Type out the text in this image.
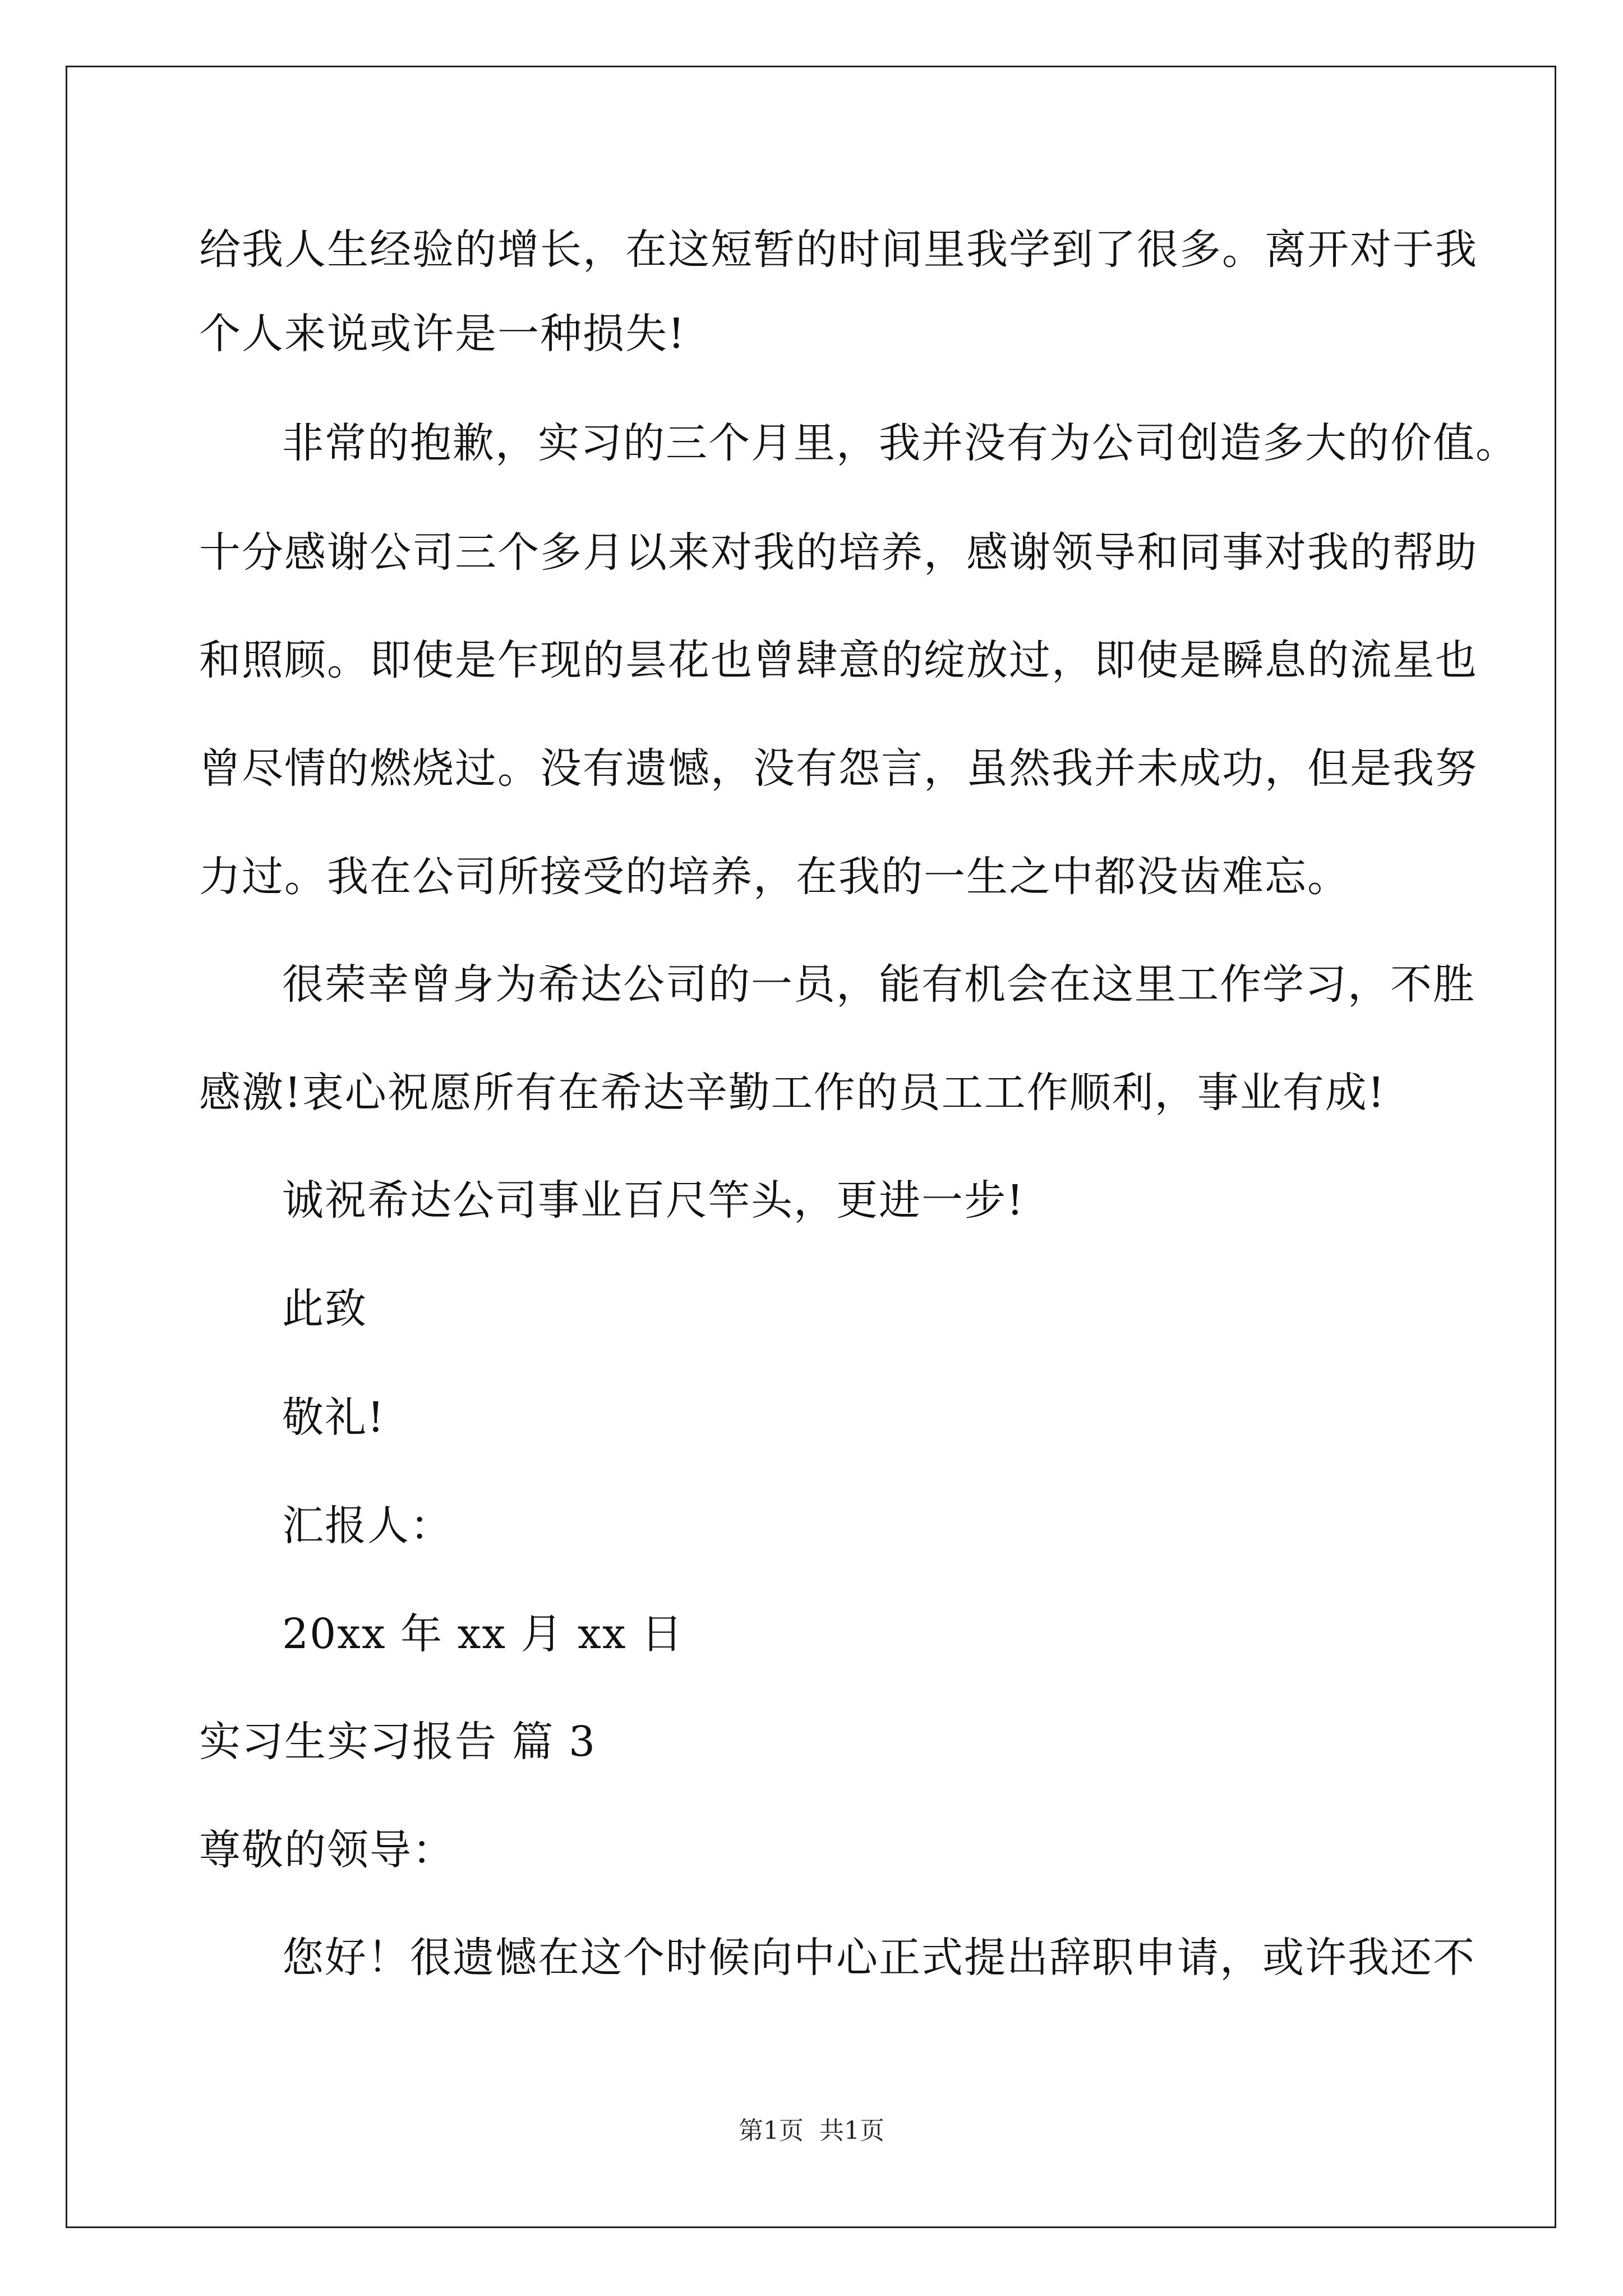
给我人生经验的增长，在这短暂的时间里我学到了很多。离开对于我
个人来说或许是一种损失!
非常的抱歉，实习的三个月里，我并没有为公司创造多大的价值。
十分感谢公司三个多月以来对我的培养，感谢领导和同事对我的帮助
和照顾。即使是乍现的昙花也曾肆意的绽放过，即使是瞬息的流星也
曾尽情的燃烧过。没有遗憾，没有怨言，虽然我并未成功，但是我努
力过。我在公司所接受的培养，在我的一生之中都没齿难忘。
很荣幸曾身为希达公司的一员，能有机会在这里工作学习，不胜
感激!衷心祝愿所有在希达辛勤工作的员工工作顺利，事业有成!
诚祝希达公司事业百尺竿头，更进一步!
此致
敬礼!
汇报人：
20xx 年 xx 月 xx 日
实习生实习报告 篇 3
尊敬的领导：
您好！很遗憾在这个时候向中心正式提出辞职申请，或许我还不
第1页 共1页
